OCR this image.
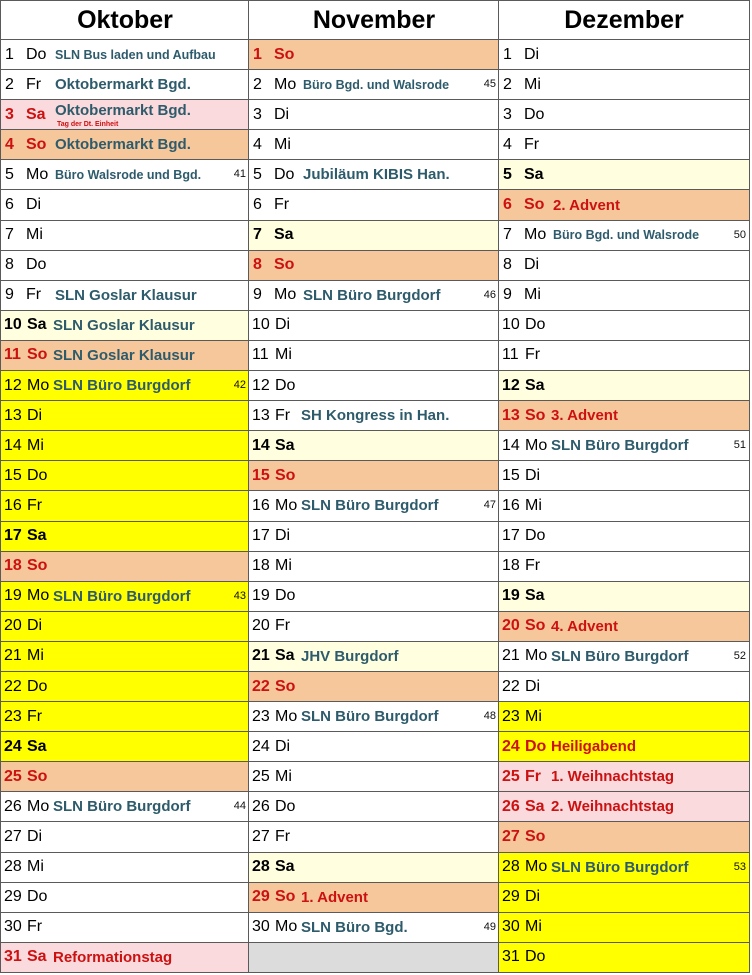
Oktober
1 Do SLN Bus laden und Aufbau
2 Fr Oktobermarkt Bgd.
3 Sa Oktobermarkt Bgd.
Tag der Dt. Einheit
4 So Oktobermarkt Bgd.
5 Mo Büro Walsrode und Bgd.	41
6 Di
7 Mi
8 Do
9 Fr SLN Goslar Klausur
10 Sa SLN Goslar Klausur
11 So SLN Goslar Klausur
12 Mo SLN Büro Burgdorf	42
13 Di
14 Mi
15 Do
16 Fr
17 Sa
18 So
19 Mo SLN Büro Burgdorf	43
20 Di
21 Mi
22 Do
23 Fr
24 Sa
25 So
26 Mo SLN Büro Burgdorf	44
27 Di
28 Mi
29 Do
30 Fr
31 Sa Reformationstag
November
1 So
2 Mo Büro Bgd. und Walsrode	45
3 Di
4 Mi
5 Do Jubiläum KIBIS Han.
6 Fr
7 Sa
8 So
9 Mo SLN Büro Burgdorf	46
10 Di
11 Mi
12 Do
13 Fr SH Kongress in Han.
14 Sa
15 So
16 Mo SLN Büro Burgdorf	47
17 Di
18 Mi
19 Do
20 Fr
21 Sa JHV Burgdorf
22 So
23 Mo SLN Büro Burgdorf	48
24 Di
25 Mi
26 Do
27 Fr
28 Sa
29 So 1. Advent
30 Mo SLN Büro Bgd.	49
Dezember
1 Di
2 Mi
3 Do
4 Fr
5 Sa
6 So 2. Advent
7 Mo Büro Bgd. und Walsrode	50
8 Di
9 Mi
10 Do
11 Fr
12 Sa
13 So 3. Advent
14 Mo SLN Büro Burgdorf	51
15 Di
16 Mi
17 Do
18 Fr
19 Sa
20 So 4. Advent
21 Mo SLN Büro Burgdorf	52
22 Di
23 Mi
24 Do Heiligabend
25 Fr 1. Weihnachtstag
26 Sa 2. Weihnachtstag
27 So
28 Mo SLN Büro Burgdorf	53
29 Di
30 Mi
31 Do
